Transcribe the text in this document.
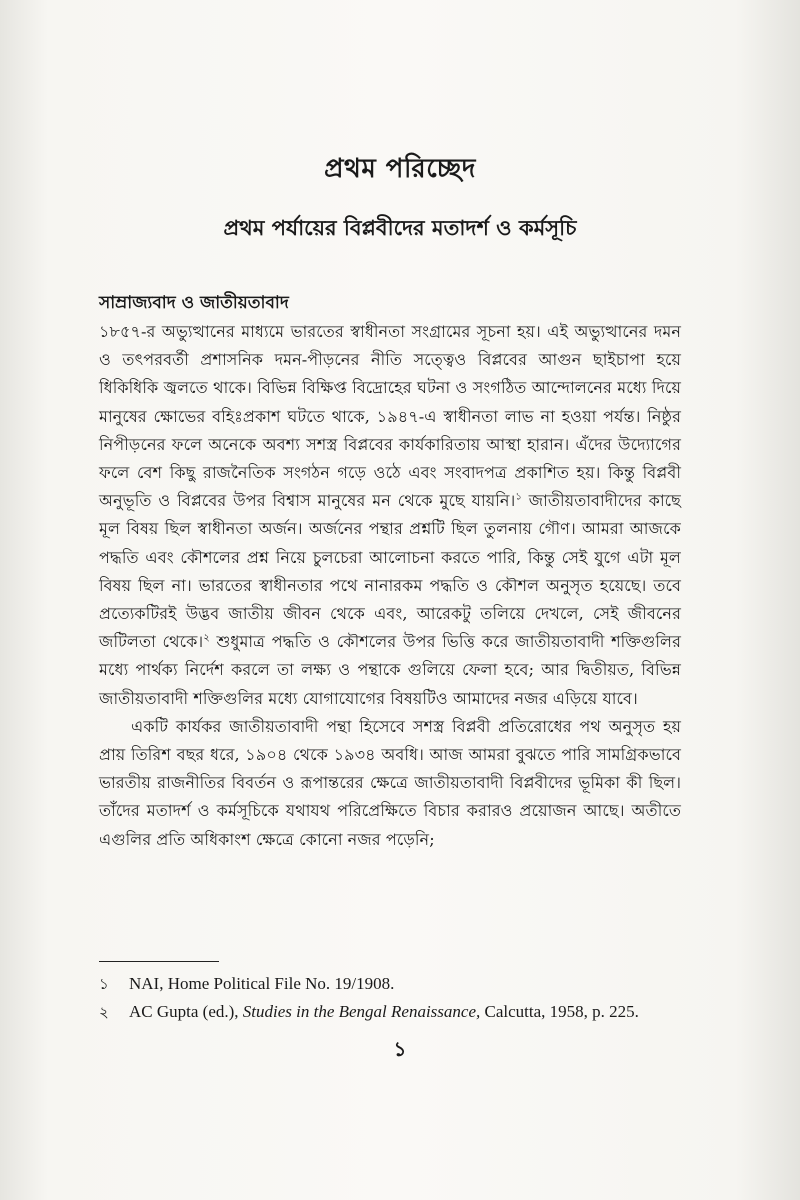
প্রথম পরিচ্ছেদ
প্রথম পর্যায়ের বিপ্লবীদের মতাদর্শ ও কর্মসূচি
সাম্রাজ্যবাদ ও জাতীয়তাবাদ

১৮৫৭-র অভ্যুত্থানের মাধ্যমে ভারতের স্বাধীনতা সংগ্রামের সূচনা হয়। এই অভ্যুত্থানের দমন ও তৎপরবর্তী প্রশাসনিক দমন-পীড়নের নীতি সত্ত্বেও বিপ্লবের আগুন ছাইচাপা হয়ে ধিকিধিকি জ্বলতে থাকে। বিভিন্ন বিক্ষিপ্ত বিদ্রোহের ঘটনা ও সংগঠিত আন্দোলনের মধ্যে দিয়ে মানুষের ক্ষোভের বহিঃপ্রকাশ ঘটতে থাকে, ১৯৪৭-এ স্বাধীনতা লাভ না হওয়া পর্যন্ত। নিষ্ঠুর নিপীড়নের ফলে অনেকে অবশ্য সশস্ত্র বিপ্লবের কার্যকারিতায় আস্থা হারান। এঁদের উদ্যোগের ফলে বেশ কিছু রাজনৈতিক সংগঠন গড়ে ওঠে এবং সংবাদপত্র প্রকাশিত হয়। কিন্তু বিপ্লবী অনুভূতি ও বিপ্লবের উপর বিশ্বাস মানুষের মন থেকে মুছে যায়নি।$^১$ জাতীয়তাবাদীদের কাছে মূল বিষয় ছিল স্বাধীনতা অর্জন। অর্জনের পন্থার প্রশ্নটি ছিল তুলনায় গৌণ। আমরা আজকে পদ্ধতি এবং কৌশলের প্রশ্ন নিয়ে চুলচেরা আলোচনা করতে পারি, কিন্তু সেই যুগে এটা মূল বিষয় ছিল না। ভারতের স্বাধীনতার পথে নানারকম পদ্ধতি ও কৌশল অনুসৃত হয়েছে। তবে প্রত্যেকটিরই উদ্ভব জাতীয় জীবন থেকে এবং, আরেকটু তলিয়ে দেখলে, সেই জীবনের জটিলতা থেকে।$^২$ শুধুমাত্র পদ্ধতি ও কৌশলের উপর ভিত্তি করে জাতীয়তাবাদী শক্তিগুলির মধ্যে পার্থক্য নির্দেশ করলে তা লক্ষ্য ও পন্থাকে গুলিয়ে ফেলা হবে; আর দ্বিতীয়ত, বিভিন্ন জাতীয়তাবাদী শক্তিগুলির মধ্যে যোগাযোগের বিষয়টিও আমাদের নজর এড়িয়ে যাবে।

একটি কার্যকর জাতীয়তাবাদী পন্থা হিসেবে সশস্ত্র বিপ্লবী প্রতিরোধের পথ অনুসৃত হয় প্রায় তিরিশ বছর ধরে, ১৯০৪ থেকে ১৯৩৪ অবধি। আজ আমরা বুঝতে পারি সামগ্রিকভাবে ভারতীয় রাজনীতির বিবর্তন ও রূপান্তরের ক্ষেত্রে জাতীয়তাবাদী বিপ্লবীদের ভূমিকা কী ছিল। তাঁদের মতাদর্শ ও কর্মসূচিকে যথাযথ পরিপ্রেক্ষিতে বিচার করারও প্রয়োজন আছে। অতীতে এগুলির প্রতি অধিকাংশ ক্ষেত্রে কোনো নজর পড়েনি;

১ NAI, Home Political File No. 19/1908.
২ AC Gupta (ed.), Studies in the Bengal Renaissance, Calcutta, 1958, p. 225.
১
